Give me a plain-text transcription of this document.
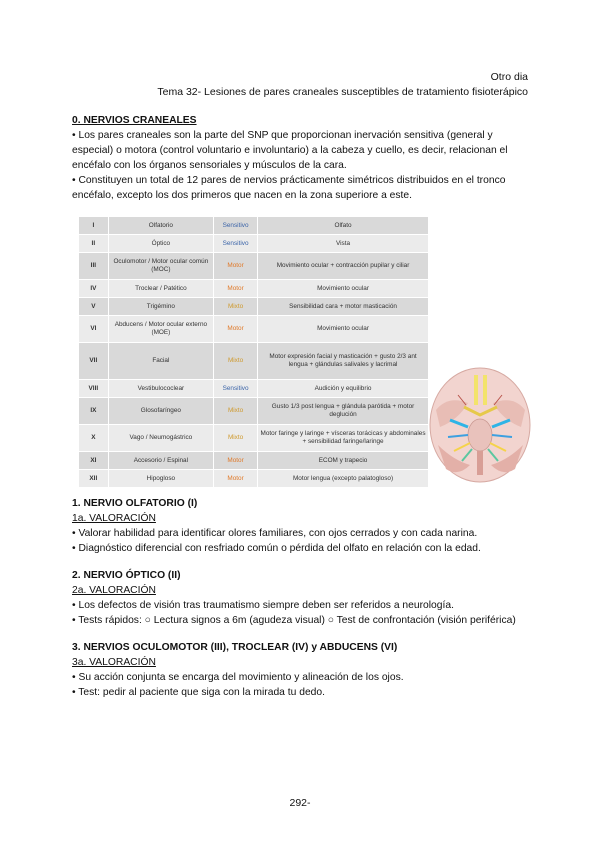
Otro dia
Tema 32- Lesiones de pares craneales susceptibles de tratamiento fisioterápico

0. NERVIOS CRANEALES

• Los pares craneales son la parte del SNP que proporcionan inervación sensitiva (general y especial) o motora (control voluntario e involuntario) a la cabeza y cuello, es decir, relacionan el encéfalo con los órganos sensoriales y músculos de la cara.

• Constituyen un total de 12 pares de nervios prácticamente simétricos distribuidos en el tronco encéfalo, excepto los dos primeros que nacen en la zona superiore a este.

I	Olfatorio	Sensitivo	Olfato
II	Óptico	Sensitivo	Vista
III	Oculomotor / Motor ocular común (MOC)	Motor	Movimiento ocular + contracción pupilar y ciliar
IV	Troclear / Patético	Motor	Movimiento ocular
V	Trigémino	Mixto	Sensibilidad cara + motor masticación
VI	Abducens / Motor ocular externo (MOE)	Motor	Movimiento ocular
VII	Facial	Mixto	Motor expresión facial y masticación + gusto 2/3 ant lengua + glándulas salivales y lacrimal
VIII	Vestibulococlear	Sensitivo	Audición y equilibrio
IX	Glosofaríngeo	Mixto	Gusto 1/3 post lengua + glándula parótida + motor deglución
X	Vago / Neumogástrico	Mixto	Motor faringe y laringe + vísceras torácicas y abdominales + sensibilidad faringe/laringe
XI	Accesorio / Espinal	Motor	ECOM y trapecio
XII	Hipogloso	Motor	Motor lengua (excepto palatogloso)

1. NERVIO OLFATORIO (I)

1a. VALORACIÓN

• Valorar habilidad para identificar olores familiares, con ojos cerrados y con cada narina.

• Diagnóstico diferencial con resfriado común o pérdida del olfato en relación con la edad.

2. NERVIO ÓPTICO (II)

2a. VALORACIÓN

• Los defectos de visión tras traumatismo siempre deben ser referidos a neurología.

• Tests rápidos: ○ Lectura signos a 6m (agudeza visual) ○ Test de confrontación (visión periférica)

3. NERVIOS OCULOMOTOR (III), TROCLEAR (IV) y ABDUCENS (VI)

3a. VALORACIÓN

• Su acción conjunta se encarga del movimiento y alineación de los ojos.

• Test: pedir al paciente que siga con la mirada tu dedo.

292-
